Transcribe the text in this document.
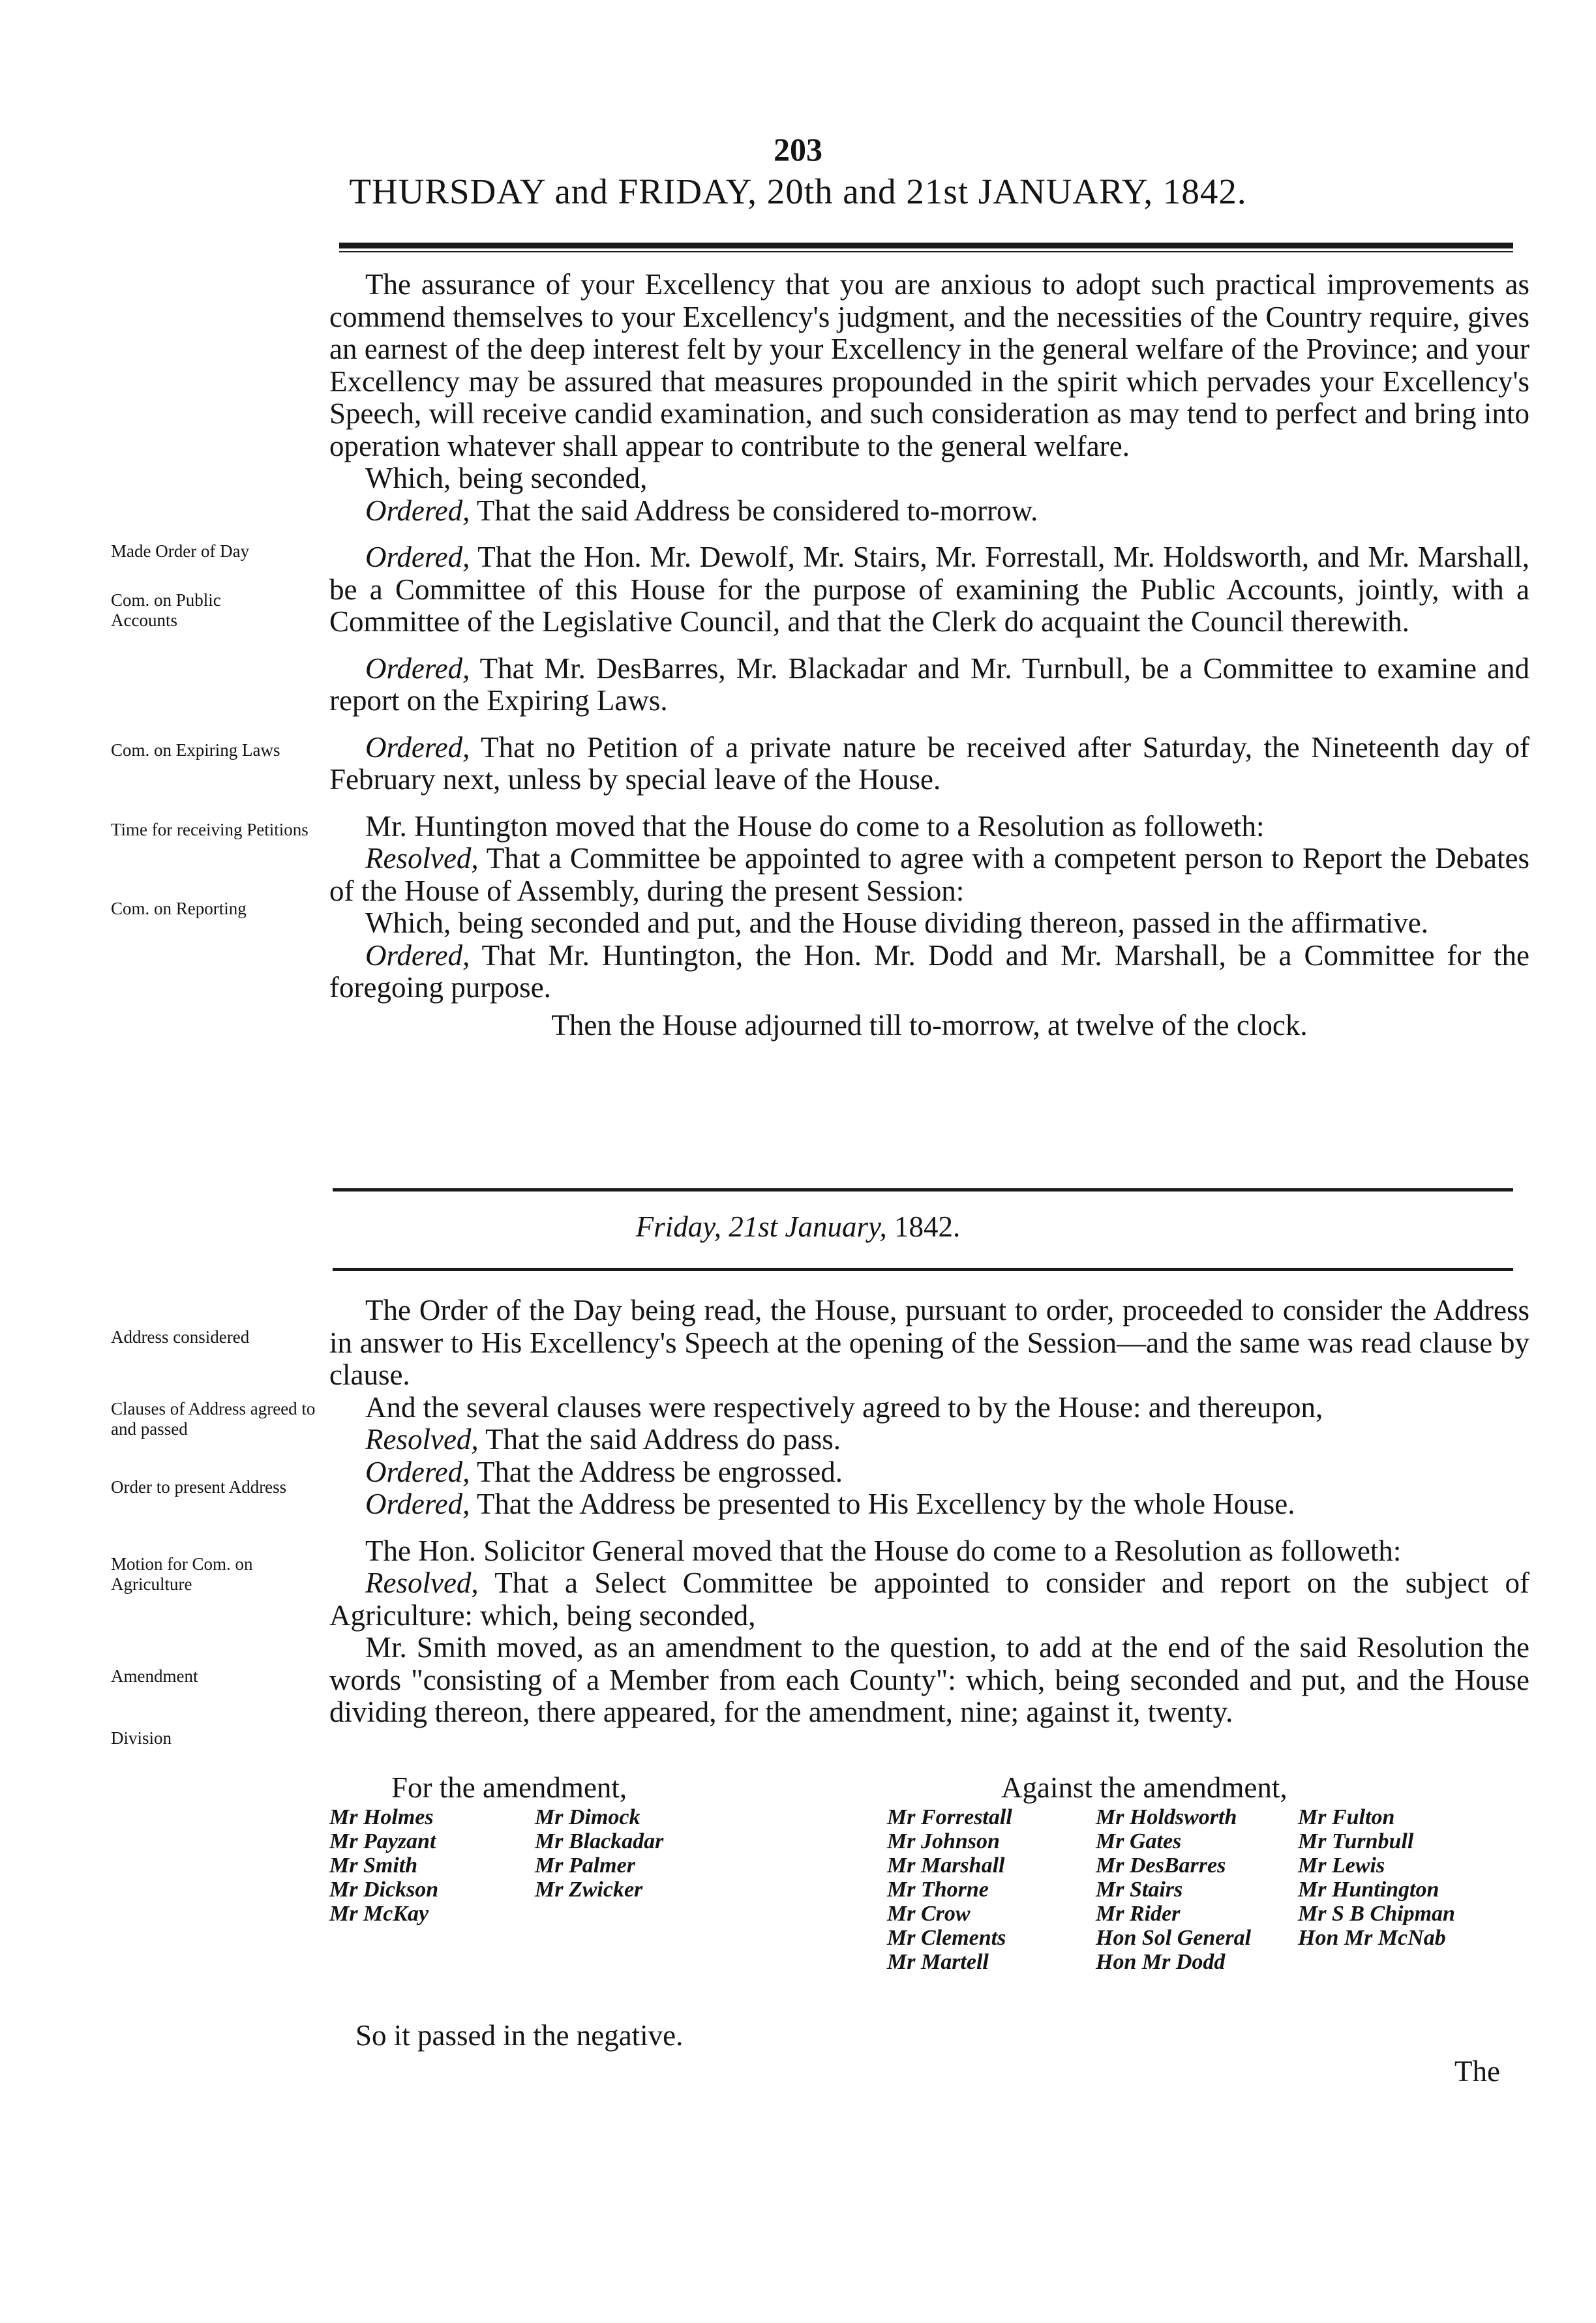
203
THURSDAY and FRIDAY, 20th and 21st JANUARY, 1842.
Made Order of Day
Com. on Public Accounts
Com. on Expiring Laws
Time for receiving Petitions
Com. on Reporting
Address considered
Clauses of Address agreed to and passed
Order to present Address
Motion for Com. on Agriculture
Amendment
Division

The assurance of your Excellency that you are anxious to adopt such practical improvements as commend themselves to your Excellency's judgment, and the necessities of the Country require, gives an earnest of the deep interest felt by your Excellency in the general welfare of the Province; and your Excellency may be assured that measures propounded in the spirit which pervades your Excellency's Speech, will receive candid examination, and such consideration as may tend to perfect and bring into operation whatever shall appear to contribute to the general welfare.

Which, being seconded,

Ordered, That the said Address be considered to-morrow.

Ordered, That the Hon. Mr. Dewolf, Mr. Stairs, Mr. Forrestall, Mr. Holdsworth, and Mr. Marshall, be a Committee of this House for the purpose of examining the Public Accounts, jointly, with a Committee of the Legislative Council, and that the Clerk do acquaint the Council therewith.

Ordered, That Mr. DesBarres, Mr. Blackadar and Mr. Turnbull, be a Committee to examine and report on the Expiring Laws.

Ordered, That no Petition of a private nature be received after Saturday, the Nineteenth day of February next, unless by special leave of the House.

Mr. Huntington moved that the House do come to a Resolution as followeth:

Resolved, That a Committee be appointed to agree with a competent person to Report the Debates of the House of Assembly, during the present Session:

Which, being seconded and put, and the House dividing thereon, passed in the affirmative.

Ordered, That Mr. Huntington, the Hon. Mr. Dodd and Mr. Marshall, be a Committee for the foregoing purpose.

Then the House adjourned till to-morrow, at twelve of the clock.

Friday, 21st January, 1842.

The Order of the Day being read, the House, pursuant to order, proceeded to consider the Address in answer to His Excellency's Speech at the opening of the Session—and the same was read clause by clause.

And the several clauses were respectively agreed to by the House: and thereupon,

Resolved, That the said Address do pass.

Ordered, That the Address be engrossed.

Ordered, That the Address be presented to His Excellency by the whole House.

The Hon. Solicitor General moved that the House do come to a Resolution as followeth:

Resolved, That a Select Committee be appointed to consider and report on the subject of Agriculture: which, being seconded,

Mr. Smith moved, as an amendment to the question, to add at the end of the said Resolution the words "consisting of a Member from each County": which, being seconded and put, and the House dividing thereon, there appeared, for the amendment, nine; against it, twenty.

For the amendment,	Against the amendment,
Mr Holmes
Mr Payzant
Mr Smith
Mr Dickson
Mr McKay
Mr Dimock
Mr Blackadar
Mr Palmer
Mr Zwicker
Mr Forrestall
Mr Johnson
Mr Marshall
Mr Thorne
Mr Crow
Mr Clements
Mr Martell
Mr Holdsworth
Mr Gates
Mr DesBarres
Mr Stairs
Mr Rider
Hon Sol General
Hon Mr Dodd
Mr Fulton
Mr Turnbull
Mr Lewis
Mr Huntington
Mr S B Chipman
Hon Mr McNab
So it passed in the negative.
The
